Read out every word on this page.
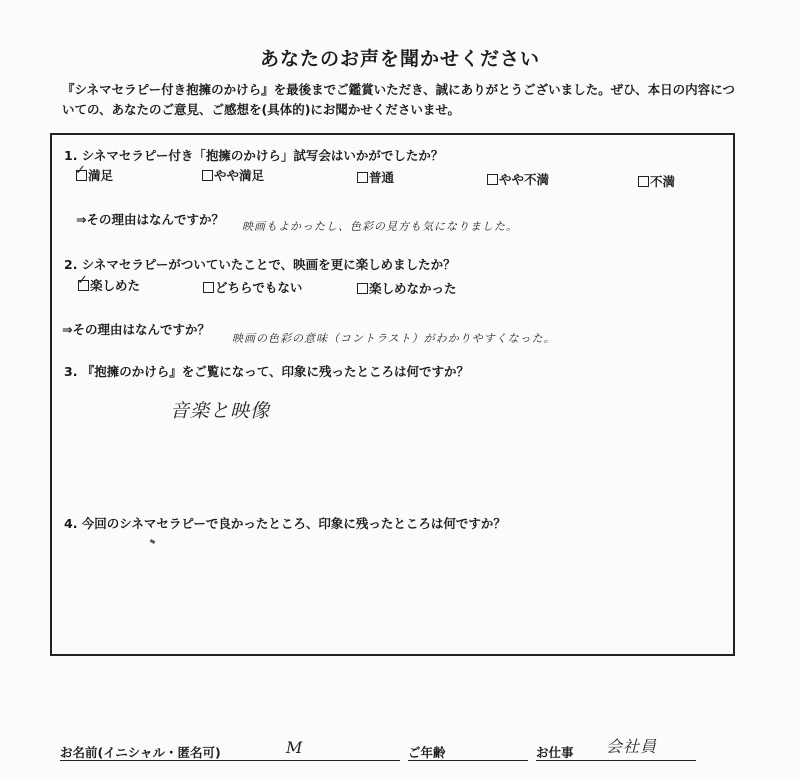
あなたのお声を聞かせください
『シネマセラピー付き抱擁のかけら』を最後までご鑑賞いただき、誠にありがとうございました。ぜひ、本日の内容についての、あなたのご意見、ご感想を(具体的)にお聞かせくださいませ。
1. シネマセラピー付き「抱擁のかけら」試写会はいかがでしたか？
✓ 満足	やや満足	普通	やや不満	不満
⇒その理由はなんですか？ 映画もよかったし、色彩の見方も気になりました。
2. シネマセラピーがついていたことで、映画を更に楽しめましたか？
✓ 楽しめた	どちらでもない	楽しめなかった
⇒その理由はなんですか？
映画の色彩の意味（コントラスト）がわかりやすくなった。
3. 『抱擁のかけら』をご覧になって、印象に残ったところは何ですか？
音楽と映像
4. 今回のシネマセラピーで良かったところ、印象に残ったところは何ですか？
お名前(イニシャル・匿名可)	M	ご年齢	お仕事 会社員
